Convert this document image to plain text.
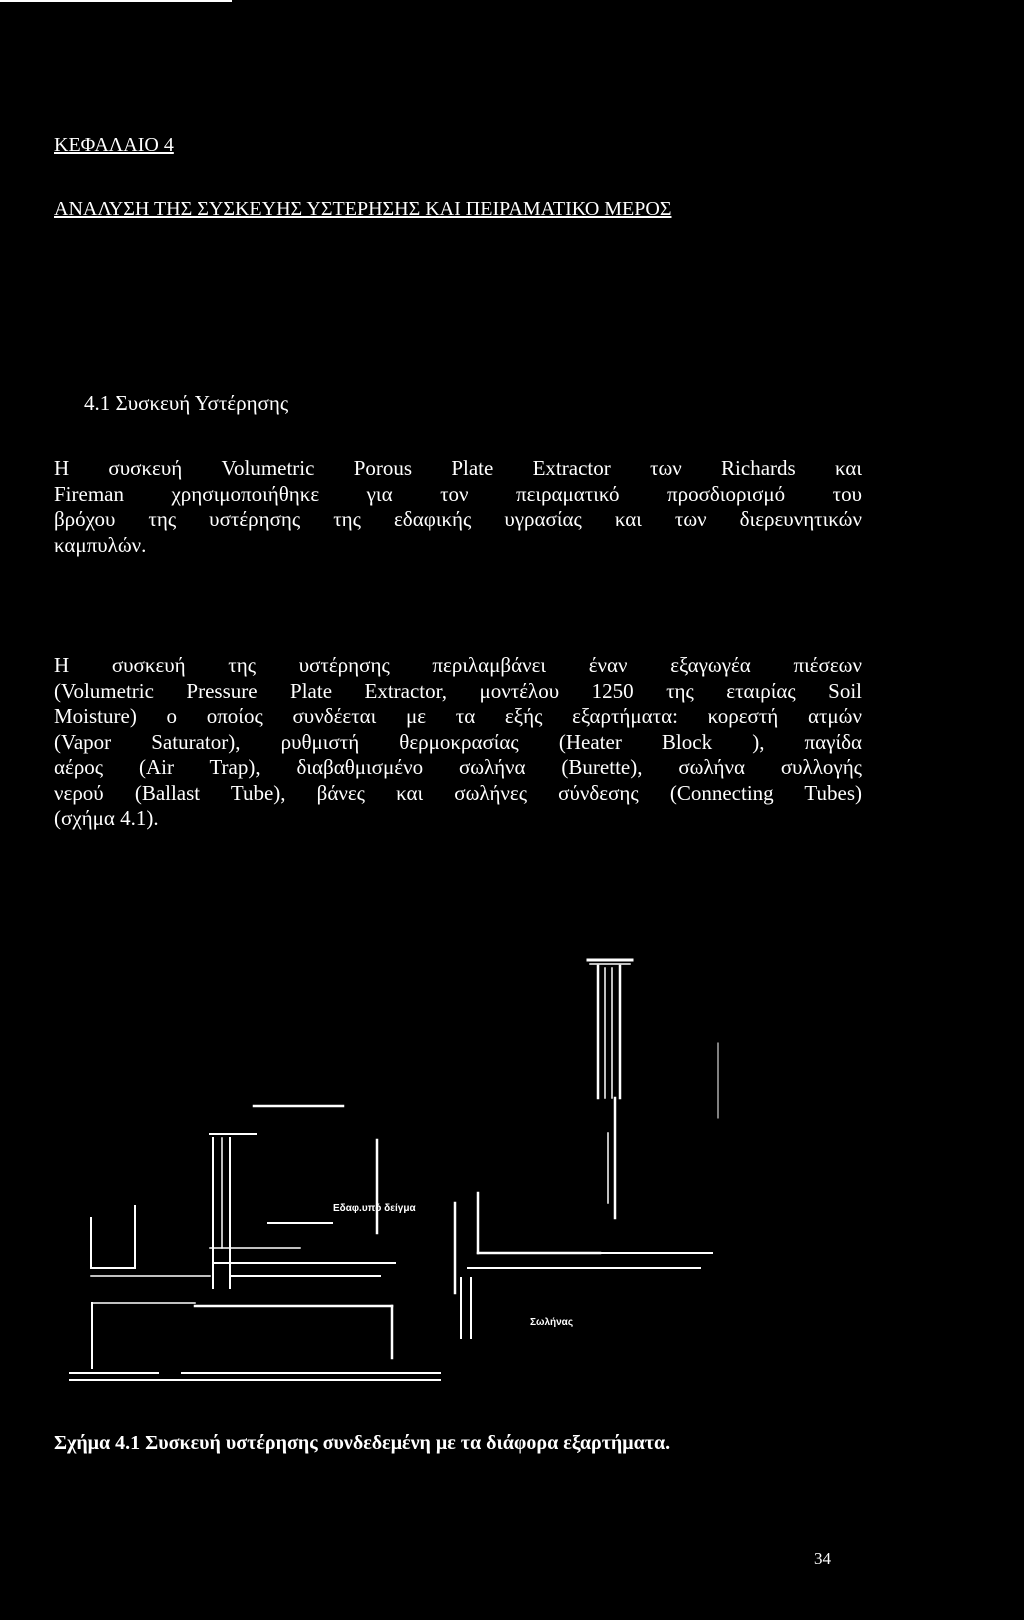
ΚΕΦΑΛΑΙΟ 4
ΑΝΑΛΥΣΗ ΤΗΣ ΣΥΣΚΕΥΗΣ ΥΣΤΕΡΗΣΗΣ ΚΑΙ ΠΕΙΡΑΜΑΤΙΚΟ ΜΕΡΟΣ
4.1 Συσκευή Υστέρησης
Η συσκευή Volumetric Porous Plate Extractor των Richards και
Fireman χρησιμοποιήθηκε για τον πειραματικό προσδιορισμό του
βρόχου της υστέρησης της εδαφικής υγρασίας και των διερευνητικών
καμπυλών.
Η συσκευή της υστέρησης περιλαμβάνει έναν εξαγωγέα πιέσεων
(Volumetric Pressure Plate Extractor, μοντέλου 1250 της εταιρίας Soil
Moisture) ο οποίος συνδέεται με τα εξής εξαρτήματα: κορεστή ατμών
(Vapor Saturator), ρυθμιστή θερμοκρασίας (Heater Block ), παγίδα
αέρος (Air Trap), διαβαθμισμένο σωλήνα (Burette), σωλήνα συλλογής
νερού (Ballast Tube), βάνες και σωλήνες σύνδεσης (Connecting Tubes)
(σχήμα 4.1).
Εδαφ.υπό δείγμα
Σωλήνας
Σχήμα 4.1 Συσκευή υστέρησης συνδεδεμένη με τα διάφορα εξαρτήματα.
34
